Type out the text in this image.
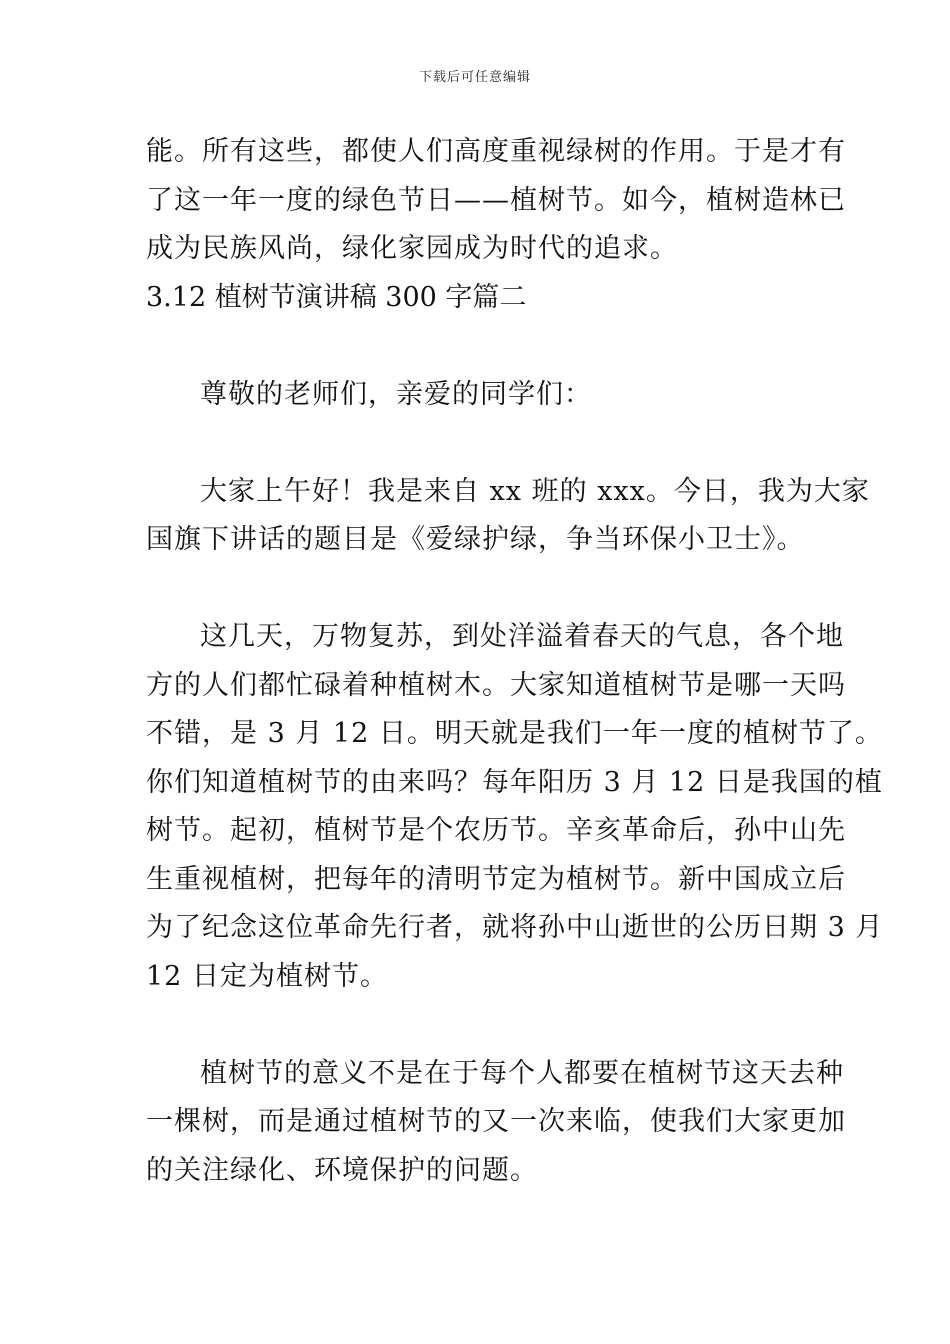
下载后可任意编辑
能。所有这些，都使人们高度重视绿树的作用。于是才有
了这一年一度的绿色节日——植树节。如今，植树造林已
成为民族风尚，绿化家园成为时代的追求。
3.12 植树节演讲稿 300 字篇二
尊敬的老师们，亲爱的同学们：
大家上午好！我是来自 xx 班的 xxx。今日，我为大家
国旗下讲话的题目是《爱绿护绿，争当环保小卫士》。
这几天，万物复苏，到处洋溢着春天的气息，各个地
方的人们都忙碌着种植树木。大家知道植树节是哪一天吗
不错，是 3 月 12 日。明天就是我们一年一度的植树节了。
你们知道植树节的由来吗？每年阳历 3 月 12 日是我国的植
树节。起初，植树节是个农历节。辛亥革命后，孙中山先
生重视植树，把每年的清明节定为植树节。新中国成立后
为了纪念这位革命先行者，就将孙中山逝世的公历日期 3 月
12 日定为植树节。
植树节的意义不是在于每个人都要在植树节这天去种
一棵树，而是通过植树节的又一次来临，使我们大家更加
的关注绿化、环境保护的问题。
